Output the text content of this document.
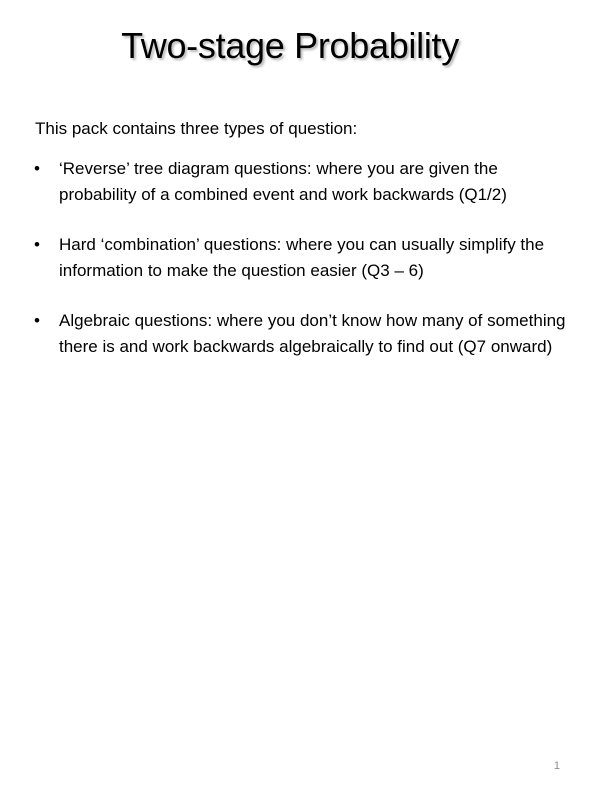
Two-stage Probability

This pack contains three types of question:

• ‘Reverse’ tree diagram questions: where you are given the probability of a combined event and work backwards (Q1/2)
• Hard ‘combination’ questions: where you can usually simplify the information to make the question easier (Q3 – 6)
• Algebraic questions: where you don’t know how many of something there is and work backwards algebraically to find out (Q7 onward)
1
